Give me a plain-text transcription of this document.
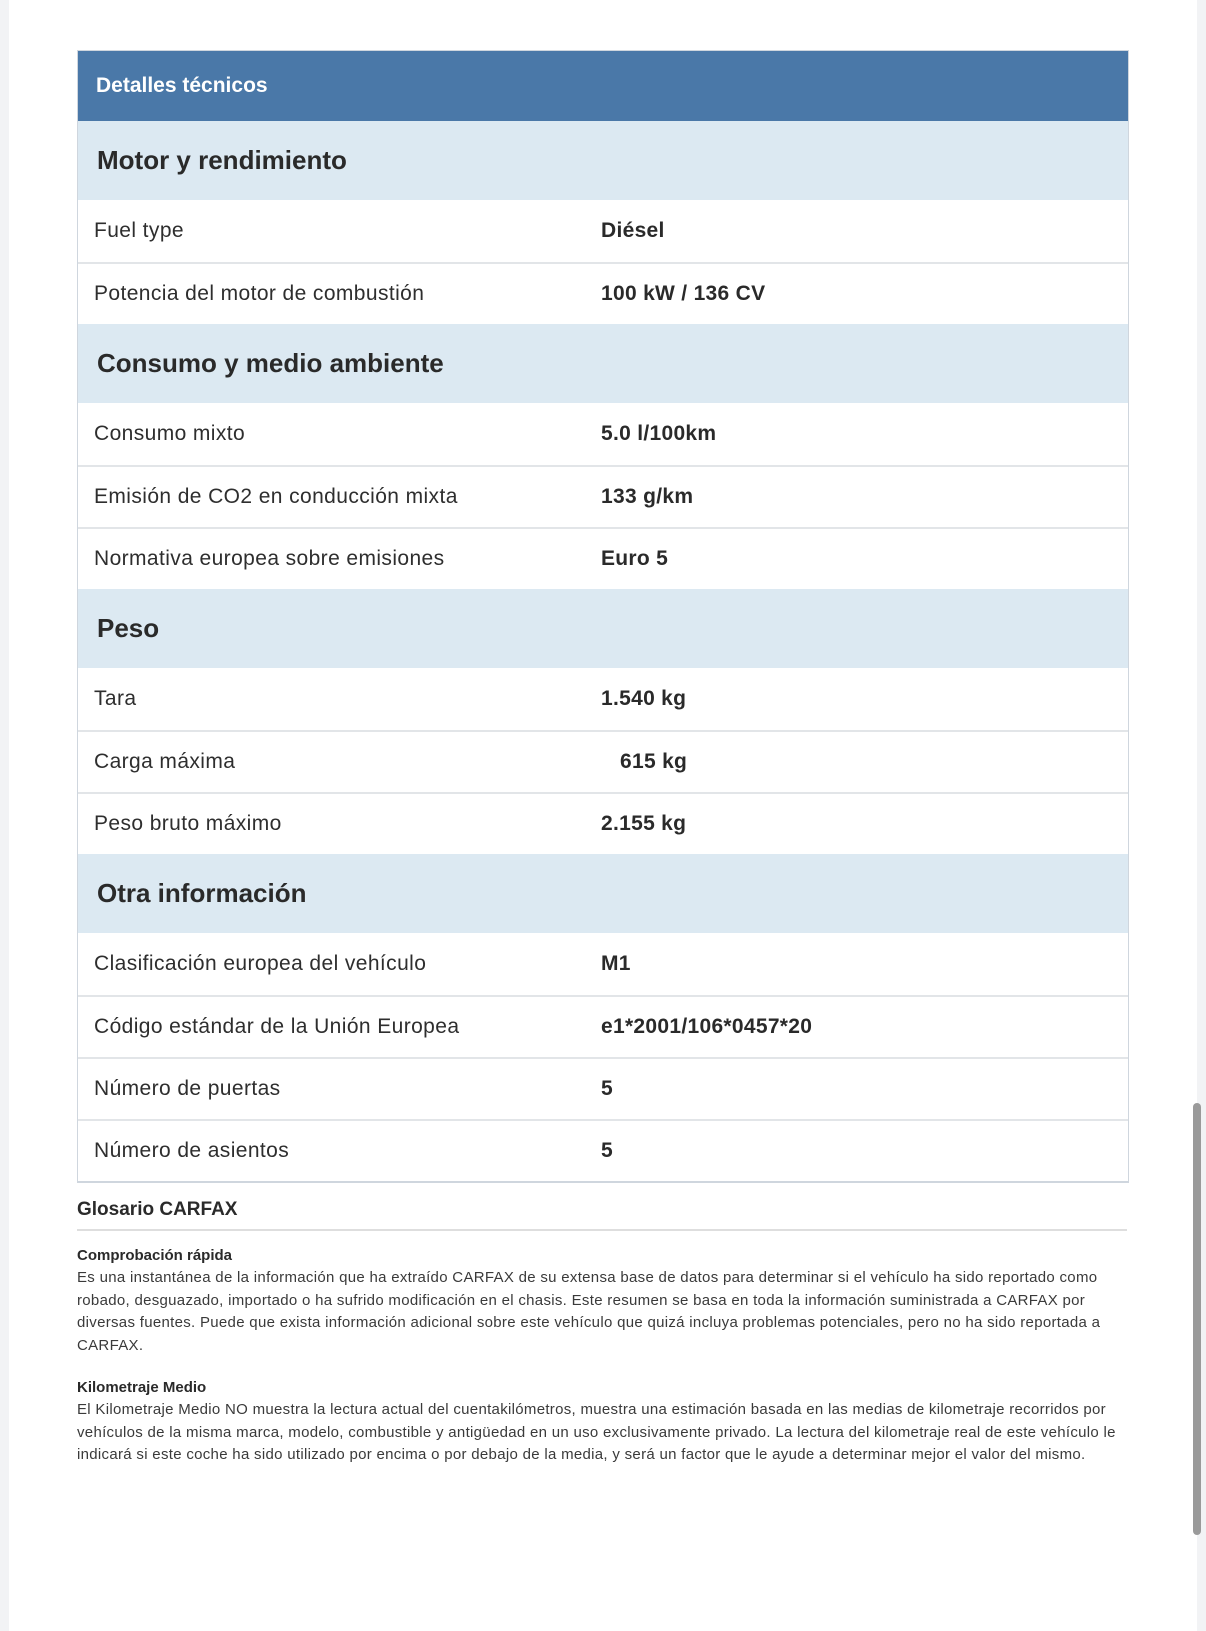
Detalles técnicos
Motor y rendimiento
Fuel type	Diésel
Potencia del motor de combustión	100 kW / 136 CV
Consumo y medio ambiente
Consumo mixto	5.0 l/100km
Emisión de CO2 en conducción mixta	133 g/km
Normativa europea sobre emisiones	Euro 5
Peso
Tara	1.540 kg
Carga máxima	615 kg
Peso bruto máximo	2.155 kg
Otra información
Clasificación europea del vehículo	M1
Código estándar de la Unión Europea	e1*2001/106*0457*20
Número de puertas	5
Número de asientos	5
Glosario CARFAX
Comprobación rápida
Es una instantánea de la información que ha extraído CARFAX de su extensa base de datos para determinar si el vehículo ha sido reportado como robado, desguazado, importado o ha sufrido modificación en el chasis. Este resumen se basa en toda la información suministrada a CARFAX por diversas fuentes. Puede que exista información adicional sobre este vehículo que quizá incluya problemas potenciales, pero no ha sido reportada a CARFAX.
Kilometraje Medio
El Kilometraje Medio NO muestra la lectura actual del cuentakilómetros, muestra una estimación basada en las medias de kilometraje recorridos por vehículos de la misma marca, modelo, combustible y antigüedad en un uso exclusivamente privado. La lectura del kilometraje real de este vehículo le indicará si este coche ha sido utilizado por encima o por debajo de la media, y será un factor que le ayude a determinar mejor el valor del mismo.
